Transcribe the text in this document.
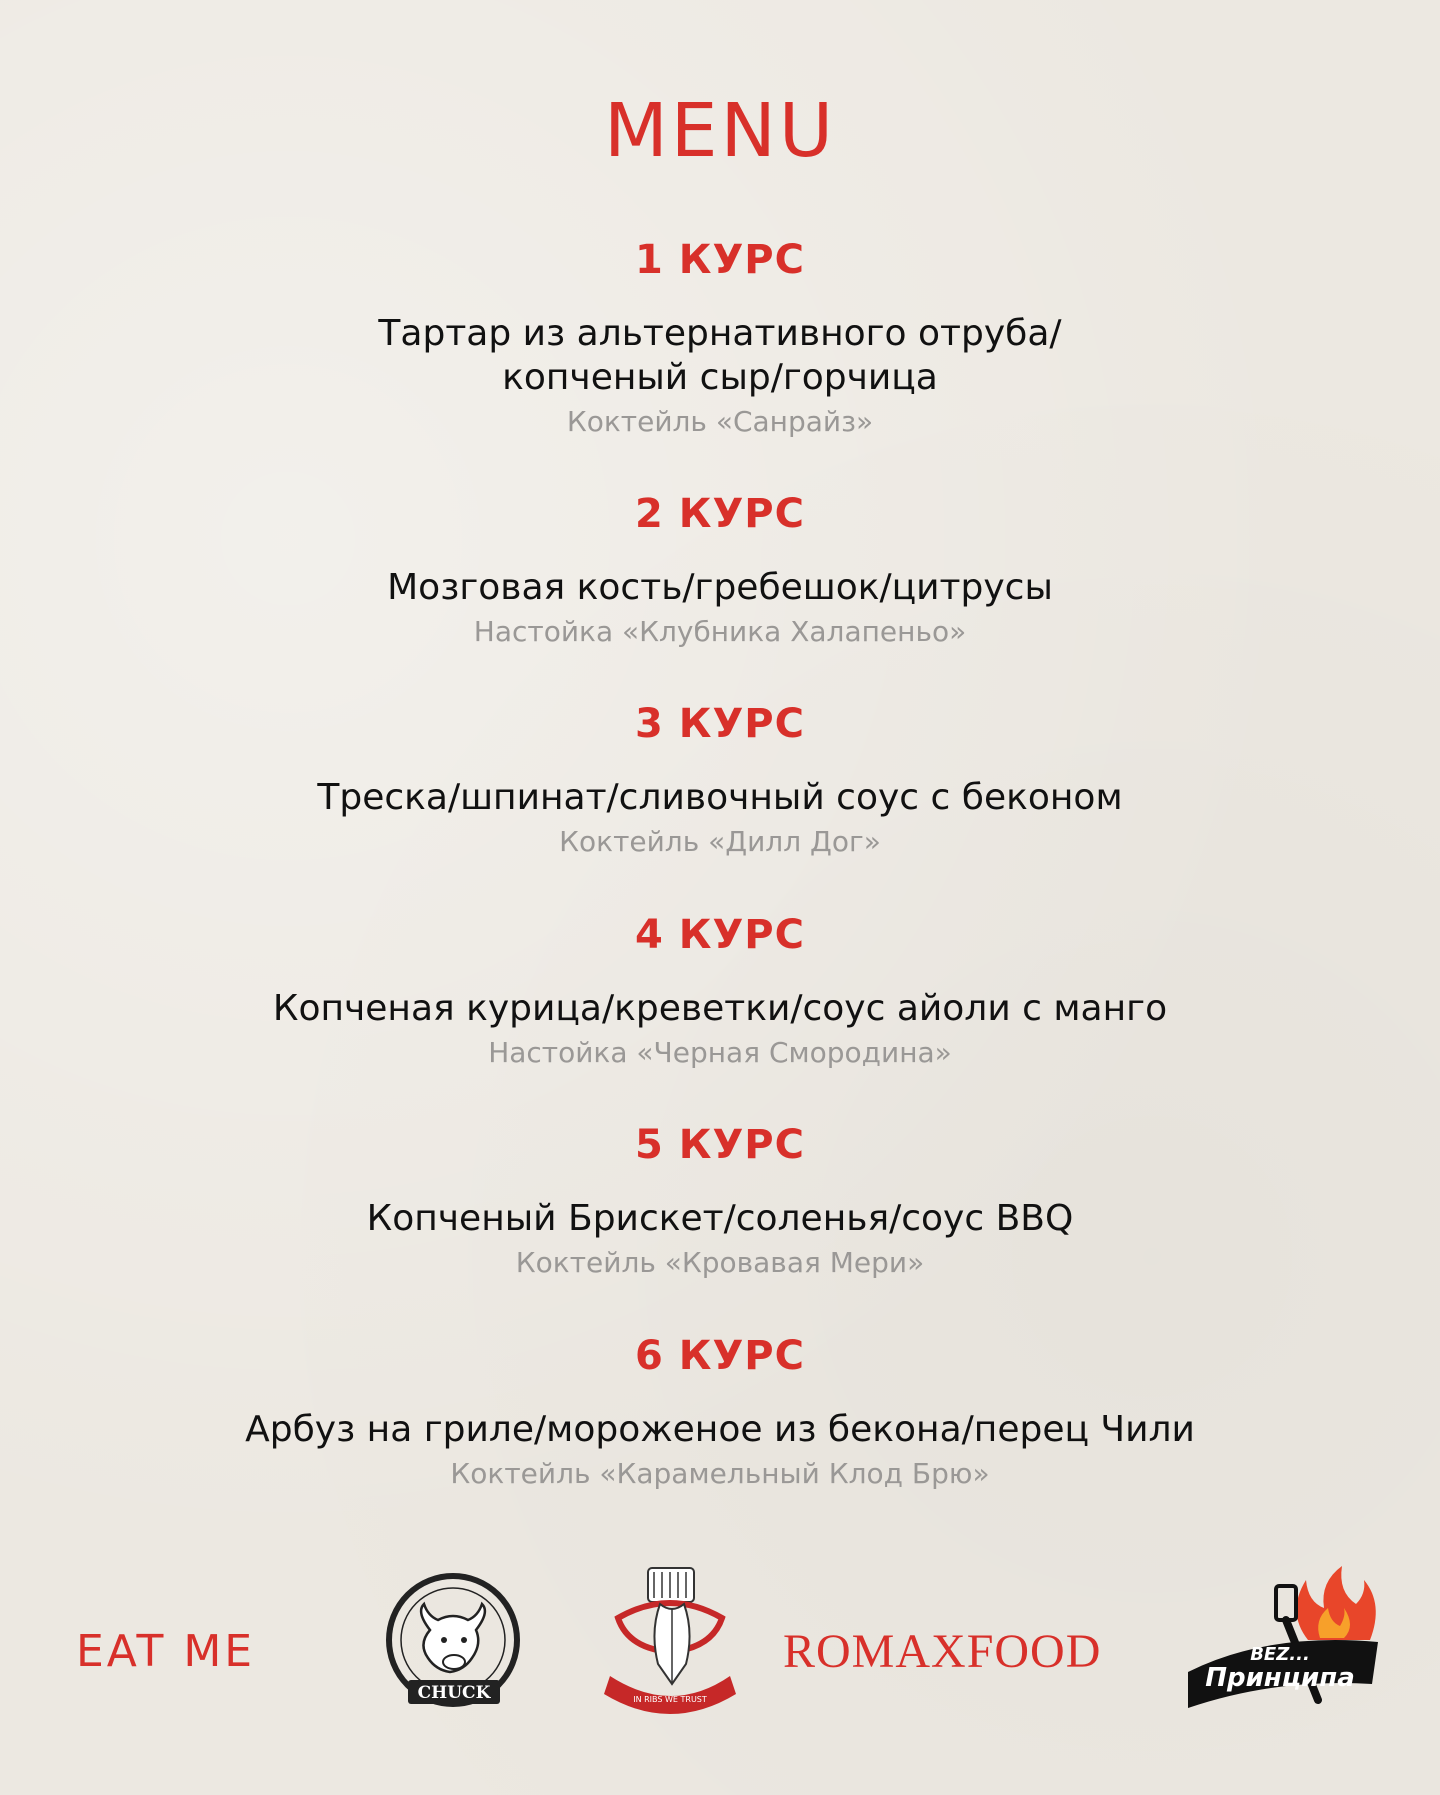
MENU
1 КУРС
Тартар из альтернативного отруба/
копченый сыр/горчица
Коктейль «Санрайз»
2 КУРС
Мозговая кость/гребешок/цитрусы
Настойка «Клубника Халапеньо»
3 КУРС
Треска/шпинат/сливочный соус с беконом
Коктейль «Дилл Дог»
4 КУРС
Копченая курица/креветки/соус айоли с манго
Настойка «Черная Смородина»
5 КУРС
Копченый Брискет/соленья/соус BBQ
Коктейль «Кровавая Мери»
6 КУРС
Арбуз на гриле/мороженое из бекона/перец Чили
Коктейль «Карамельный Клод Брю»
EAT ME
CHUCK	IN RIBS WE TRUST
ROMAXFOOD	BEZ...
Принципа
